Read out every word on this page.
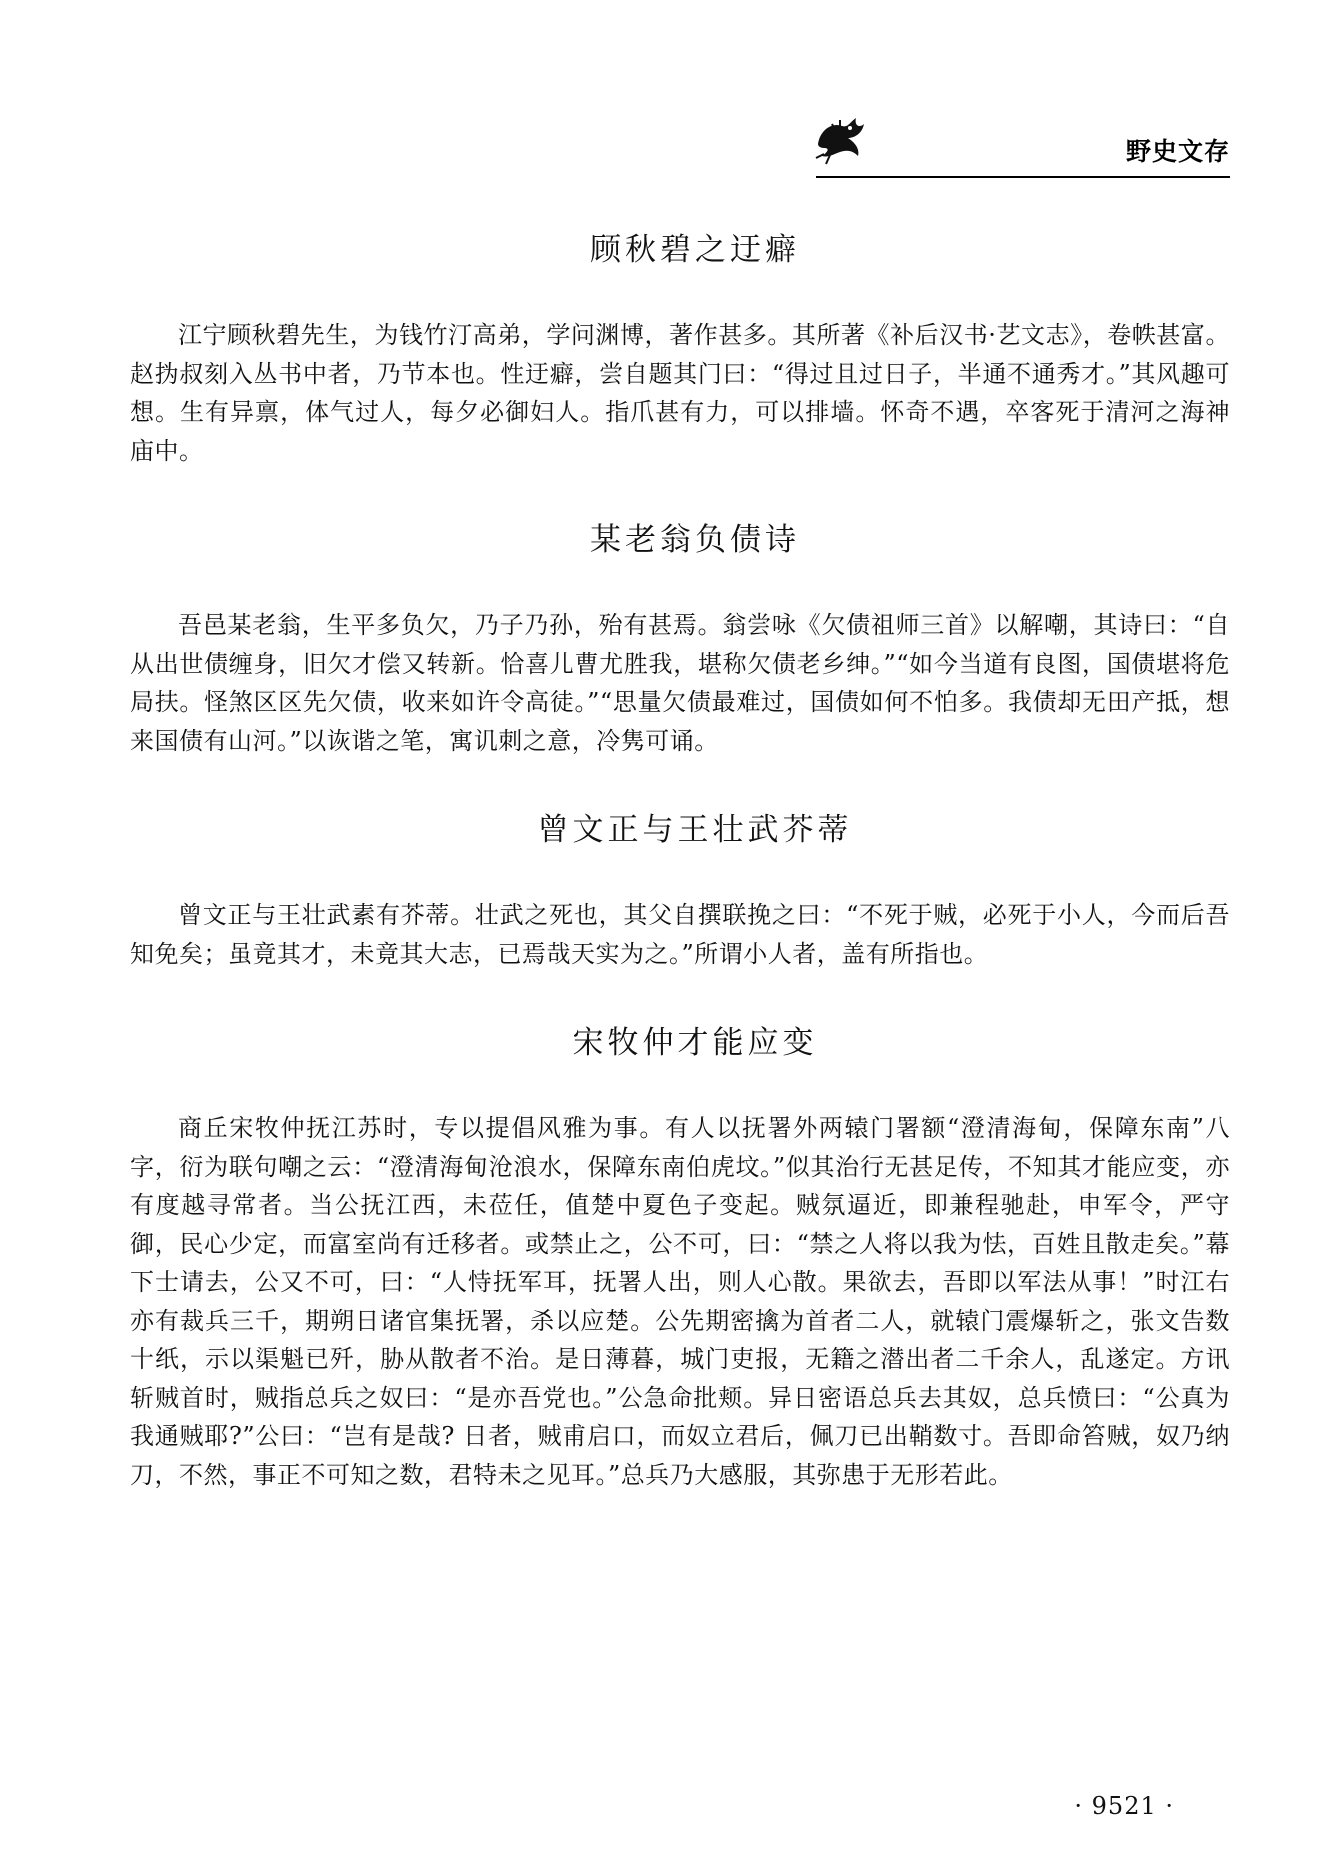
野史文存
顾秋碧之迂癖

江宁顾秋碧先生，为钱竹汀高弟，学问渊博，著作甚多。其所著《补后汉书·艺文志》，卷帙甚富。赵㧑叔刻入丛书中者，乃节本也。性迂癖，尝自题其门曰：“得过且过日子，半通不通秀才。”其风趣可想。生有异禀，体气过人，每夕必御妇人。指爪甚有力，可以排墙。怀奇不遇，卒客死于清河之海神庙中。

某老翁负债诗

吾邑某老翁，生平多负欠，乃子乃孙，殆有甚焉。翁尝咏《欠债祖师三首》以解嘲，其诗曰：“自从出世债缠身，旧欠才偿又转新。恰喜儿曹尤胜我，堪称欠债老乡绅。”“如今当道有良图，国债堪将危局扶。怪煞区区先欠债，收来如许令高徒。”“思量欠债最难过，国债如何不怕多。我债却无田产抵，想来国债有山河。”以诙谐之笔，寓讥刺之意，冷隽可诵。

曾文正与王壮武芥蒂

曾文正与王壮武素有芥蒂。壮武之死也，其父自撰联挽之曰：“不死于贼，必死于小人，今而后吾知免矣；虽竟其才，未竟其大志，已焉哉天实为之。”所谓小人者，盖有所指也。

宋牧仲才能应变

商丘宋牧仲抚江苏时，专以提倡风雅为事。有人以抚署外两辕门署额“澄清海甸，保障东南”八字，衍为联句嘲之云：“澄清海甸沧浪水，保障东南伯虎坟。”似其治行无甚足传，不知其才能应变，亦有度越寻常者。当公抚江西，未莅任，值楚中夏色子变起。贼氛逼近，即兼程驰赴，申军令，严守御，民心少定，而富室尚有迁移者。或禁止之，公不可，曰：“禁之人将以我为怯，百姓且散走矣。”幕下士请去，公又不可，曰：“人恃抚军耳，抚署人出，则人心散。果欲去，吾即以军法从事！”时江右亦有裁兵三千，期朔日诸官集抚署，杀以应楚。公先期密擒为首者二人，就辕门震爆斩之，张文告数十纸，示以渠魁已歼，胁从散者不治。是日薄暮，城门吏报，无籍之潜出者二千余人，乱遂定。方讯斩贼首时，贼指总兵之奴曰：“是亦吾党也。”公急命批颊。异日密语总兵去其奴，总兵愤曰：“公真为我通贼耶?”公曰：“岂有是哉? 日者，贼甫启口，而奴立君后，佩刀已出鞘数寸。吾即命笞贼，奴乃纳刀，不然，事正不可知之数，君特未之见耳。”总兵乃大感服，其弥患于无形若此。

· 9521 ·
